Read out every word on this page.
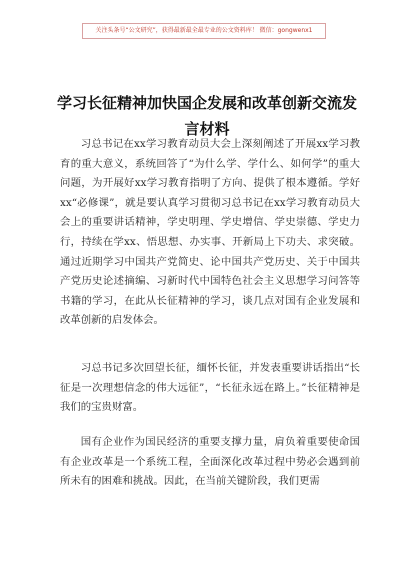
关注头条号“公文研究”，获得最新最全最专业的公文资料库！ 微信：gongwenx1
学习长征精神加快国企发展和改革创新交流发言材料

习总书记在xx学习教育动员大会上深刻阐述了开展xx学习教育的重大意义，系统回答了“为什么学、学什么、如何学”的重大问题，为开展好xx学习教育指明了方向、提供了根本遵循。学好xx“必修课”，就是要认真学习贯彻习总书记在xx学习教育动员大会上的重要讲话精神，学史明理、学史增信、学史崇德、学史力行，持续在学xx、悟思想、办实事、开新局上下功夫、求突破。通过近期学习中国共产党简史、论中国共产党历史、关于中国共产党历史论述摘编、习新时代中国特色社会主义思想学习问答等书籍的学习，在此从长征精神的学习，谈几点对国有企业发展和改革创新的启发体会。

习总书记多次回望长征，缅怀长征，并发表重要讲话指出“长征是一次理想信念的伟大远征”，“长征永远在路上。”长征精神是我们的宝贵财富。

国有企业作为国民经济的重要支撑力量，肩负着重要使命国有企业改革是一个系统工程，全面深化改革过程中势必会遇到前所未有的困难和挑战。因此，在当前关键阶段，我们更需
